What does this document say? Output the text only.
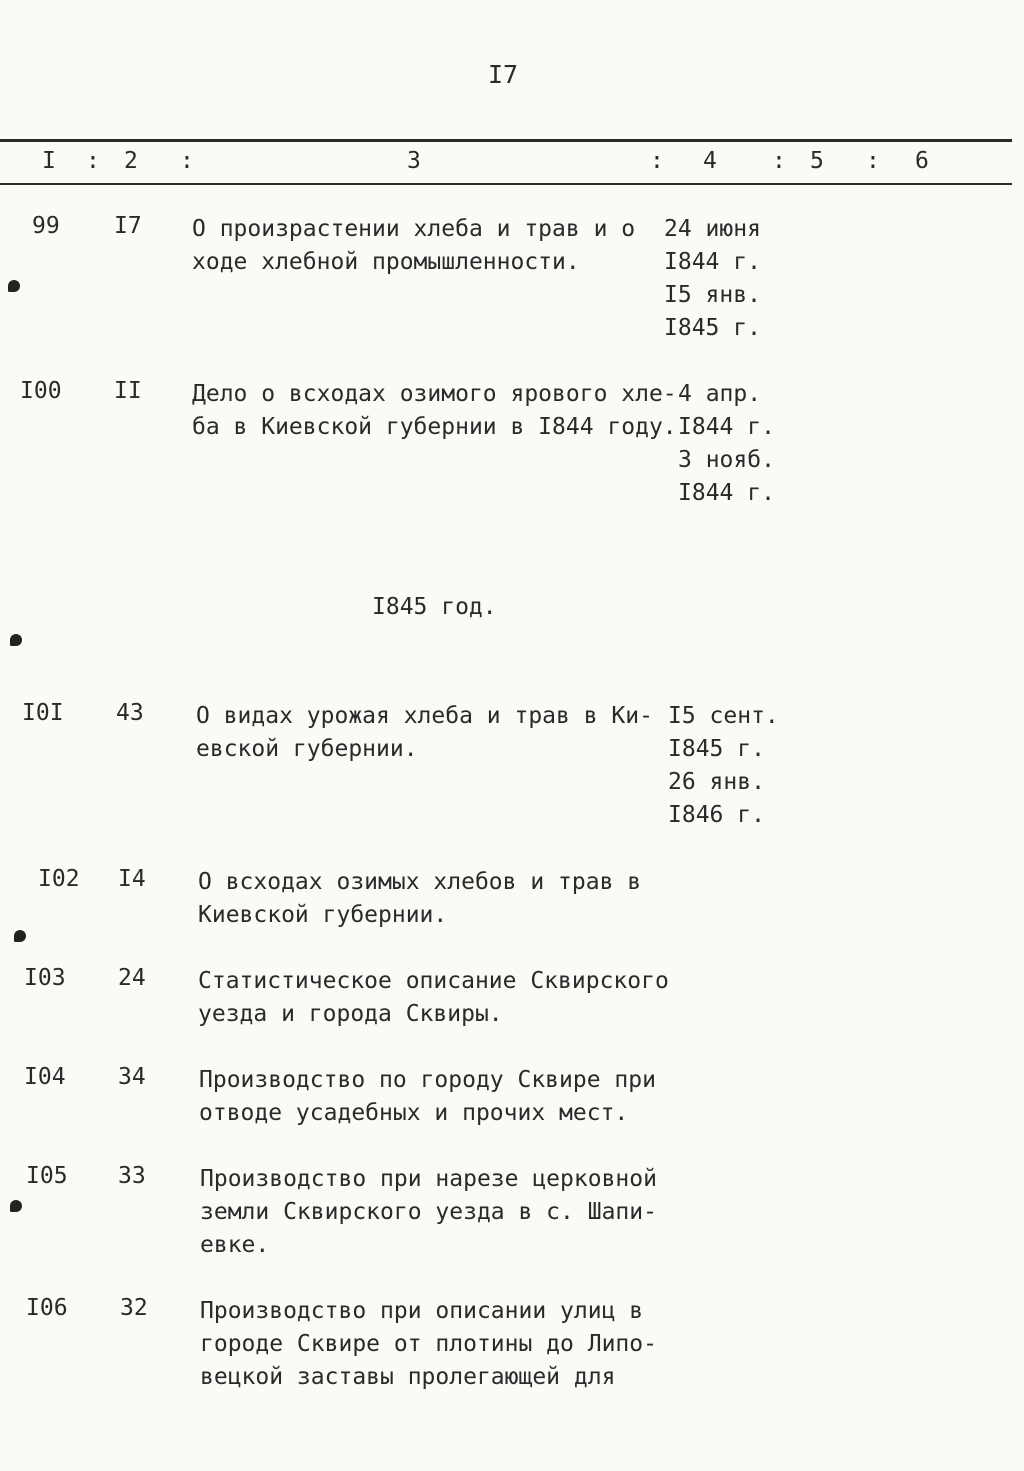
I7
I : 2 :	3	: 4 : 5 : 6
99 I7 О произрастении хлеба и трав и о
ходе хлебной промышленности.
24 июня
I844 г.
I5 янв.
I845 г.
I00 II Дело о всходах озимого ярового хле-
ба в Киевской губернии в I844 году.
4 апр.
I844 г.
3 нояб.
I844 г.
I845 год.
I0I 43 О видах урожая хлеба и трав в Ки-
евской губернии.
I5 сент.
I845 г.
26 янв.
I846 г.
I02 I4 О всходах озимых хлебов и трав в
Киевской губернии.
I03 24 Статистическое описание Сквирского
уезда и города Сквиры.
I04 34 Производство по городу Сквире при
отводе усадебных и прочих мест.
I05 33 Производство при нарезе церковной
земли Сквирского уезда в с. Шапи-
евке.
I06 32 Производство при описании улиц в
городе Сквире от плотины до Липо-
вецкой заставы пролегающей для
